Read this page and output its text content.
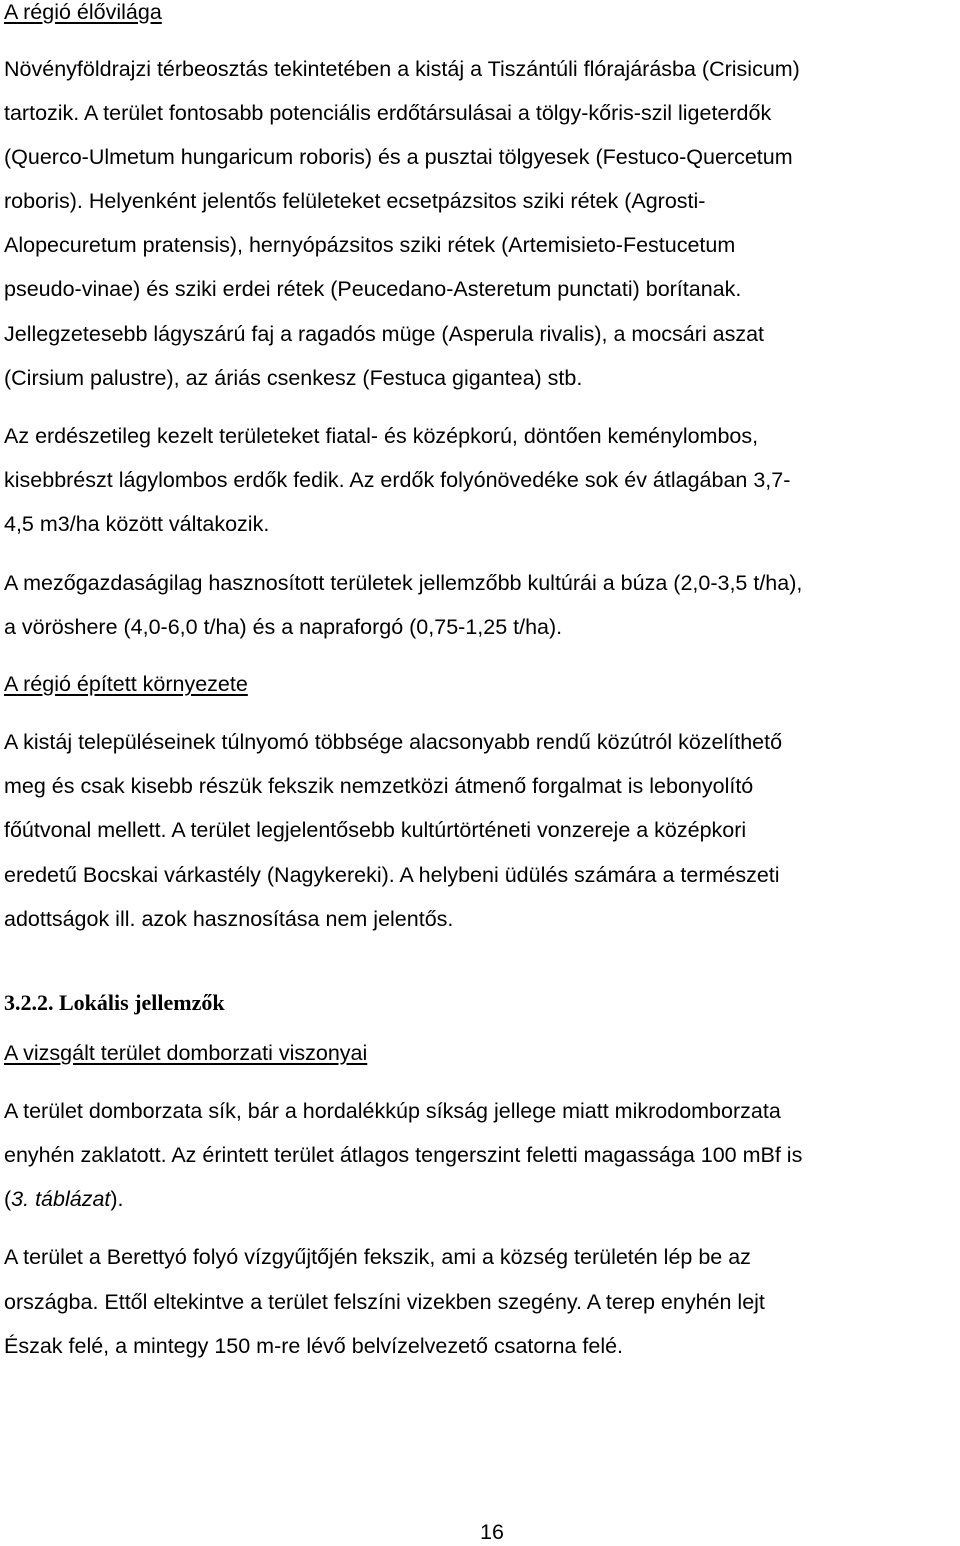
A régió élővilága
Növényföldrajzi térbeosztás tekintetében a kistáj a Tiszántúli flórajárásba (Crisicum)
tartozik. A terület fontosabb potenciális erdőtársulásai a tölgy-kőris-szil ligeterdők
(Querco-Ulmetum hungaricum roboris) és a pusztai tölgyesek (Festuco-Quercetum
roboris). Helyenként jelentős felületeket ecsetpázsitos sziki rétek (Agrosti-
Alopecuretum pratensis), hernyópázsitos sziki rétek (Artemisieto-Festucetum
pseudo-vinae) és sziki erdei rétek (Peucedano-Asteretum punctati) borítanak.
Jellegzetesebb lágyszárú faj a ragadós müge (Asperula rivalis), a mocsári aszat
(Cirsium palustre), az áriás csenkesz (Festuca gigantea) stb.
Az erdészetileg kezelt területeket fiatal- és középkorú, döntően keménylombos,
kisebbrészt lágylombos erdők fedik. Az erdők folyónövedéke sok év átlagában 3,7-
4,5 m3/ha között váltakozik.
A mezőgazdaságilag hasznosított területek jellemzőbb kultúrái a búza (2,0-3,5 t/ha),
a vöröshere (4,0-6,0 t/ha) és a napraforgó (0,75-1,25 t/ha).
A régió épített környezete
A kistáj településeinek túlnyomó többsége alacsonyabb rendű közútról közelíthető
meg és csak kisebb részük fekszik nemzetközi átmenő forgalmat is lebonyolító
főútvonal mellett. A terület legjelentősebb kultúrtörténeti vonzereje a középkori
eredetű Bocskai várkastély (Nagykereki). A helybeni üdülés számára a természeti
adottságok ill. azok hasznosítása nem jelentős.
3.2.2. Lokális jellemzők
A vizsgált terület domborzati viszonyai
A terület domborzata sík, bár a hordalékkúp síkság jellege miatt mikrodomborzata
enyhén zaklatott. Az érintett terület átlagos tengerszint feletti magassága 100 mBf is
(3. táblázat).
A terület a Berettyó folyó vízgyűjtőjén fekszik, ami a község területén lép be az
országba. Ettől eltekintve a terület felszíni vizekben szegény. A terep enyhén lejt
Észak felé, a mintegy 150 m-re lévő belvízelvezető csatorna felé.
16
